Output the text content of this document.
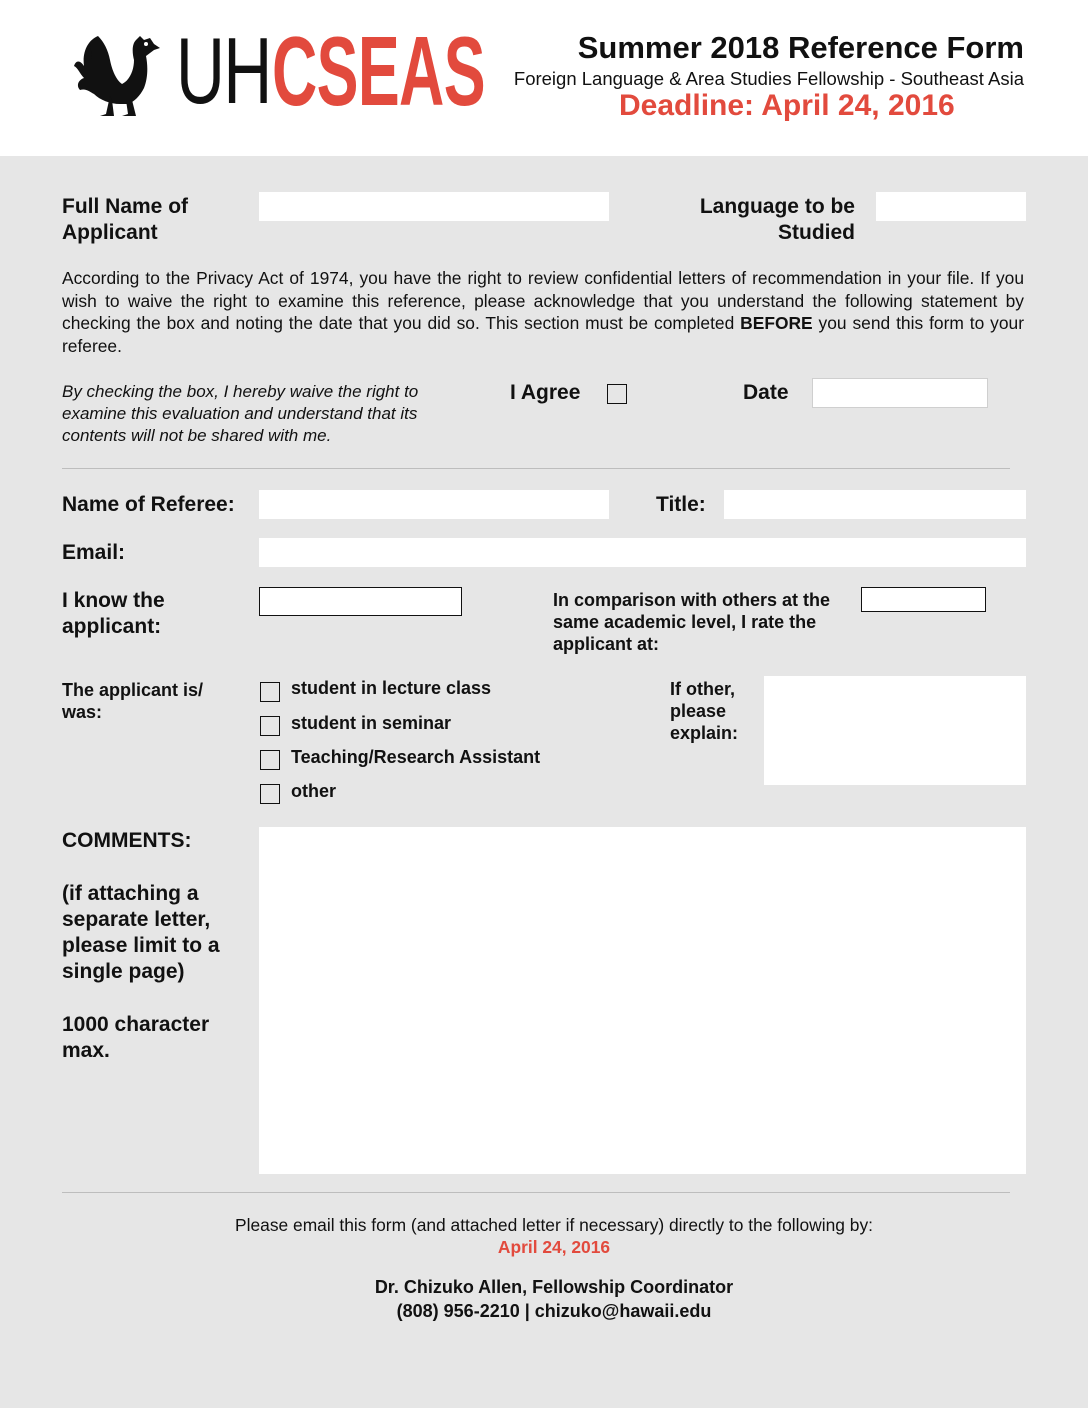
UH CSEAS	Summer 2018 Reference Form
Foreign Language & Area Studies Fellowship - Southeast Asia
Deadline: April 24, 2016
Full Name of Applicant
Language to be Studied
According to the Privacy Act of 1974, you have the right to review confidential letters of recommendation in your file. If you wish to waive the right to examine this reference, please acknowledge that you understand the following statement by checking the box and noting the date that you did so. This section must be completed BEFORE you send this form to your referee.
By checking the box, I hereby waive the right to examine this evaluation and understand that its contents will not be shared with me.
I Agree	Date
Name of Referee:	Title:
Email:
I know the applicant:
In comparison with others at the same academic level, I rate the applicant at:
The applicant is/ was:
student in lecture class
student in seminar
Teaching/Research Assistant
other
If other, please explain:
COMMENTS:
(if attaching a separate letter, please limit to a single page)
1000 character max.
Please email this form (and attached letter if necessary) directly to the following by:
April 24, 2016
Dr. Chizuko Allen, Fellowship Coordinator
(808) 956-2210 | chizuko@hawaii.edu
